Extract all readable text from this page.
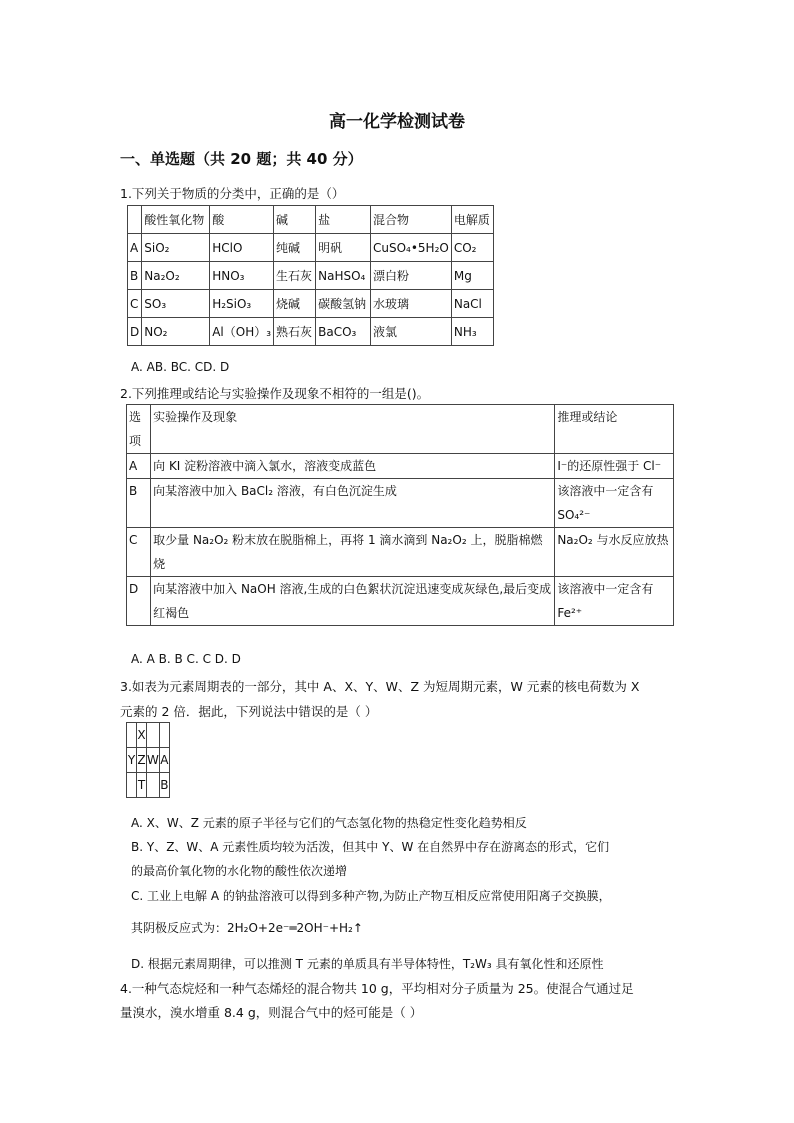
高一化学检测试卷
一、单选题（共 20 题；共 40 分）
1.下列关于物质的分类中，正确的是（）
	酸性氧化物	酸	碱	盐	混合物	电解质
A	SiO₂	HClO	纯碱	明矾	CuSO₄•5H₂O	CO₂
B	Na₂O₂	HNO₃	生石灰	NaHSO₄	漂白粉	Mg
C	SO₃	H₂SiO₃	烧碱	碳酸氢钠	水玻璃	NaCl
D	NO₂	Al（OH）₃	熟石灰	BaCO₃	液氯	NH₃
A. AB. BC. CD. D
2.下列推理或结论与实验操作及现象不相符的一组是()。
选项	实验操作及现象	推理或结论
A	向 KI 淀粉溶液中滴入氯水，溶液变成蓝色	I⁻的还原性强于 Cl⁻
B	向某溶液中加入 BaCl₂ 溶液，有白色沉淀生成	该溶液中一定含有SO₄²⁻
C	取少量 Na₂O₂ 粉末放在脱脂棉上，再将 1 滴水滴到 Na₂O₂ 上，脱脂棉燃烧	Na₂O₂ 与水反应放热
D	向某溶液中加入 NaOH 溶液,生成的白色絮状沉淀迅速变成灰绿色,最后变成红褐色	该溶液中一定含有Fe²⁺
A. A B. B C. C D. D
3.如表为元素周期表的一部分，其中 A、X、Y、W、Z 为短周期元素，W 元素的核电荷数为 X
元素的 2 倍．据此，下列说法中错误的是（ ）
	X		
Y	Z	W	A
	T		B
A. X、W、Z 元素的原子半径与它们的气态氢化物的热稳定性变化趋势相反
B. Y、Z、W、A 元素性质均较为活泼，但其中 Y、W 在自然界中存在游离态的形式，它们
的最高价氧化物的水化物的酸性依次递增
C. 工业上电解 A 的钠盐溶液可以得到多种产物,为防止产物互相反应常使用阳离子交换膜，
其阴极反应式为：2H₂O+2e⁻═2OH⁻+H₂↑
D. 根据元素周期律，可以推测 T 元素的单质具有半导体特性，T₂W₃ 具有氧化性和还原性
4.一种气态烷烃和一种气态烯烃的混合物共 10 g，平均相对分子质量为 25。使混合气通过足
量溴水，溴水增重 8.4 g，则混合气中的烃可能是（ ）
